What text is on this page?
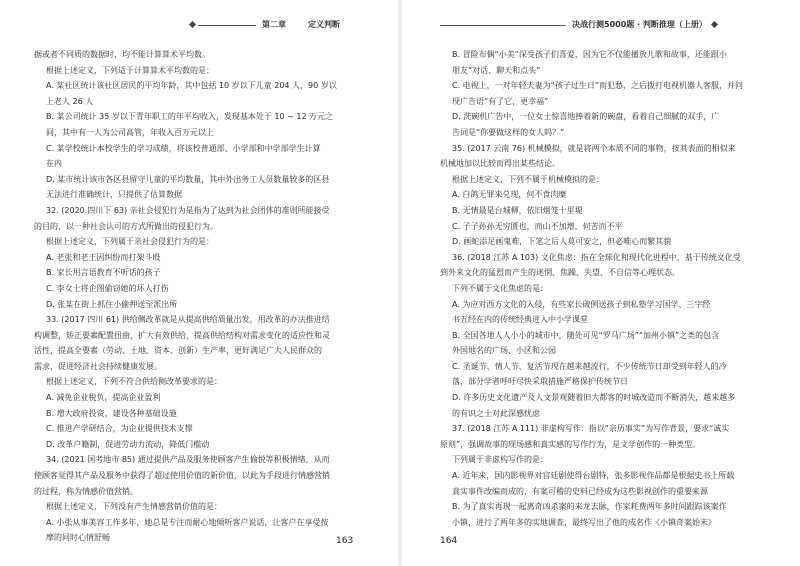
第二章	定义判断	决战行测5000题 · 判断推理（上册）

据或者不同质的数据时，均不能计算算术平均数。

根据上述定义，下列适于计算算术平均数的是：

A. 某社区统计该社区居民的平均年龄，其中包括 10 岁以下儿童 204 人，90 岁以

上老人 26 人

B. 某公司统计 35 岁以下青年职工的年平均收入，发现基本处于 10 ~ 12 万元之

间，其中有一人为公司高管，年收入百万元以上

C. 某学校统计本校学生的学习成绩，将该校普通部、小学部和中学部学生计算

在内

D. 某市统计该市各区县留守儿童的平均数量，其中外出务工人员数量较多的区县

无法进行准确统计，只提供了估算数据

32. (2020 四川下 63) 亲社会侵犯行为是指为了达到为社会团体的准则所能接受

的目的，以一种社会认可的方式所做出的侵犯行为。

根据上述定义，下列属于亲社会侵犯行为的是：

A. 老张和老王因纠纷而打架斗殴

B. 家长用言语教育不听话的孩子

C. 李女士将企图偷窃她的坏人打伤

D. 张某在街上抓住小偷押送至派出所

33. (2017 四川 61) 供给侧改革就是从提高供给质量出发，用改革的办法推进结

构调整，矫正要素配置扭曲，扩大有效供给，提高供给结构对需求变化的适应性和灵

活性，提高全要素（劳动、土地、资本、创新）生产率，更好满足广大人民群众的

需求，促进经济社会持续健康发展。

根据上述定义，下列不符合供给侧改革要求的是：

A. 减免企业税负，提高企业盈利

B. 增大政府投资，建设各种基础设施

C. 推进产学研结合，为企业提供技术支撑

D. 改革户籍制，促进劳动力流动，降低门槛动

34. (2021 国考地市 85) 通过提供产品及服务使顾客产生愉悦等积极情绪，从而

使顾客觉得其产品及服务中获得了超过使用价值的新价值，以此为手段进行情感营销

的过程，称为情感价值营销。

根据上述定义，下列没有产生情感营销价值的是：

A. 小张从事美容工作多年，她总是专注而耐心地倾听客户说话，让客户在享受按

摩的同时心情舒畅

B. 冒险布偶“小美”深受孩子们喜爱，因为它不仅能播放儿歌和故事，还能跟小

朋友“对话、聊天和点头”

C. 电视上，一对年轻夫妻为“孩子过生日”而犯愁，之后拨打电视机器人客服，并问

现广告语“有了它，更幸福”

D. 洗碗机广告中，一位女士惊喜地捧着新的碗盘，看着自己细腻的双手，广

告词是“你要做这样的女人吗？”

35. (2017 云南 76) 机械模拟，就是将两个本质不同的事物，按其表面的相似来

机械地加以比较而得出某些结论。

根据上述定义，下列不属于机械模拟的是：

A. 白鸽无罪来兑现，何不食肉糜

B. 无情最是台城柳，依旧烟笼十里堤

C. 子子孙孙无穷匮也，而山不加增，何苦而不平

D. 画蛇添足画鬼难，下笔之后人莫可安之，但必唯心而繁其貌

36. (2018 江苏 A 103) 文化焦虑：指在全球化和现代化进程中，基于传统文化受

到外来文化的猛烈而产生的迷惘、焦躁、失望、不自信等心理状态。

下列不属于文化焦虑的是：

A. 为应对西方文化的入侵，有些家长破例送孩子到私塾学习国学、三字经

书五经在内的传统经典进入中小学课堂

B. 全国各地人人小小的城市中，随处可见“罗马广场”“加州小镇”之类的包含

外国地名的广场、小区和公园

C. 圣诞节、情人节、复活节现在越来越流行，不少传统节日却受到年轻人的冷

落，部分学者呼吁尽快采取措施严格保护传统节日

D. 许多历史文化遗产及人文景观随着旧大都客的时城改造而不断消失，越来越多

的有识之士对此深感忧虑

37. (2018 江苏 A 111) 非虚构写作：指以“亲历事实”为写作背景，要求“诚实

原则”，强调故事的现场感和真实感的写作行为，是文学创作的一种类型。

下列属于非虚构写作的是：

A. 近年来，国内影视界对宫廷剧使得台剧特，张多影视作品都是根据史书上所载

真实事件改编而成的，有案可稽的史料已经成为这些影视创作的重要来源

B. 为了真实再现一起离奇凶杀案的来龙去脉，作家耗费两年多时间跟踪该案作

小镇，进行了两年多的实地调查，最终写出了他的成名作《小镇奇案始末》

163	164
